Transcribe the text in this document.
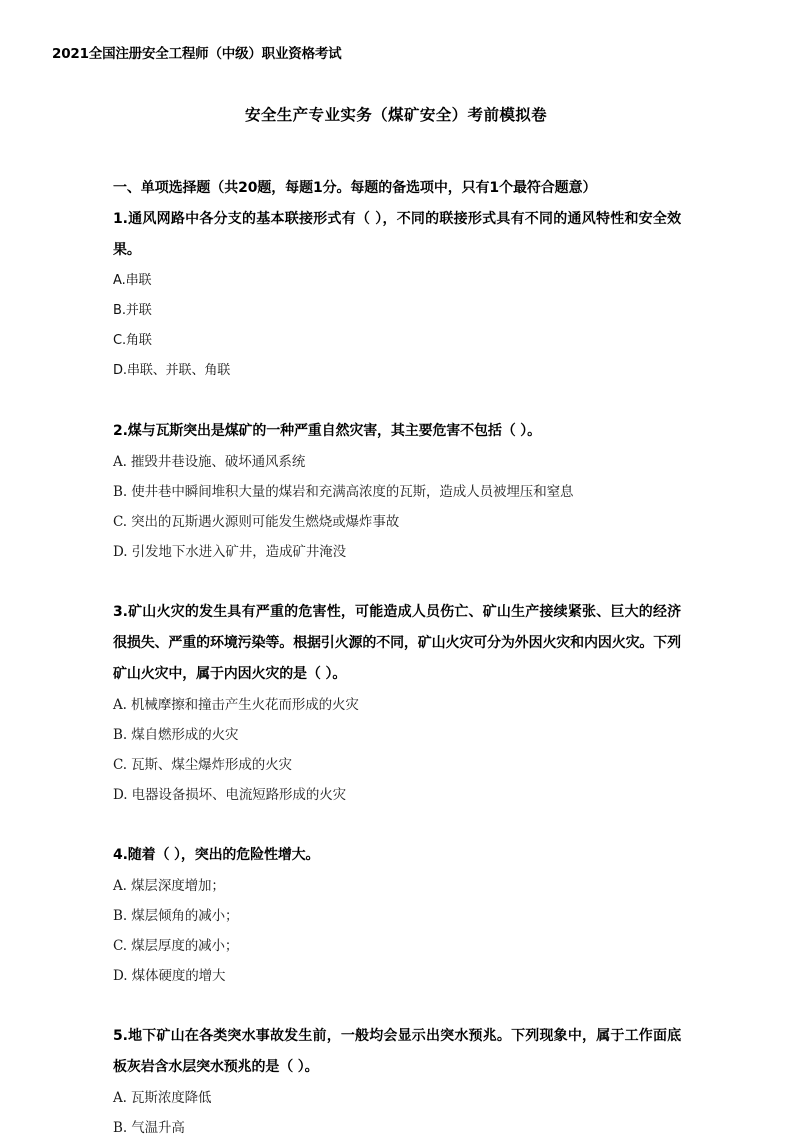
2021全国注册安全工程师（中级）职业资格考试
安全生产专业实务（煤矿安全）考前模拟卷

一、单项选择题（共20题，每题1分。每题的备选项中，只有1个最符合题意）

1.通风网路中各分支的基本联接形式有（ ），不同的联接形式具有不同的通风特性和安全效果。

A.串联
B.并联
C.角联
D.串联、并联、角联

2.煤与瓦斯突出是煤矿的一种严重自然灾害，其主要危害不包括（ ）。

A. 摧毁井巷设施、破坏通风系统
B. 使井巷中瞬间堆积大量的煤岩和充满高浓度的瓦斯，造成人员被埋压和窒息
C. 突出的瓦斯遇火源则可能发生燃烧或爆炸事故
D. 引发地下水进入矿井，造成矿井淹没

3.矿山火灾的发生具有严重的危害性，可能造成人员伤亡、矿山生产接续紧张、巨大的经济很损失、严重的环境污染等。根据引火源的不同，矿山火灾可分为外因火灾和内因火灾。下列矿山火灾中，属于内因火灾的是（ ）。

A. 机械摩擦和撞击产生火花而形成的火灾
B. 煤自燃形成的火灾
C. 瓦斯、煤尘爆炸形成的火灾
D. 电器设备损坏、电流短路形成的火灾

4.随着（ ），突出的危险性增大。

A. 煤层深度增加；
B. 煤层倾角的减小；
C. 煤层厚度的减小；
D. 煤体硬度的增大

5.地下矿山在各类突水事故发生前，一般均会显示出突水预兆。下列现象中，属于工作面底板灰岩含水层突水预兆的是（ ）。

A. 瓦斯浓度降低
B. 气温升高
